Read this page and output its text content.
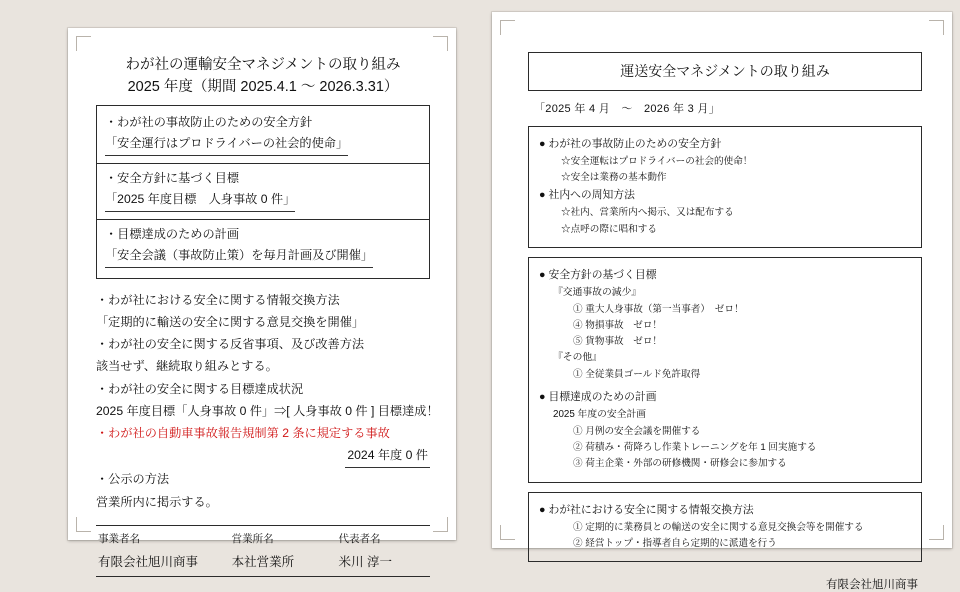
わが社の運輸安全マネジメントの取り組み
2025 年度（期間 2025.4.1 〜 2026.3.31）
・わが社の事故防止のための安全方針
「安全運行はプロドライバーの社会的使命」
・安全方針に基づく目標
「2025 年度目標　人身事故 0 件」
・目標達成のための計画
「安全会議（事故防止策）を毎月計画及び開催」
・わが社における安全に関する情報交換方法
「定期的に輸送の安全に関する意見交換を開催」
・わが社の安全に関する反省事項、及び改善方法
該当せず、継続取り組みとする。
・わが社の安全に関する目標達成状況
2025 年度目標「人身事故 0 件」⇒[ 人身事故 0 件 ] 目標達成！
・わが社の自動車事故報告規制第 2 条に規定する事故
2024 年度 0 件
・公示の方法
営業所内に掲示する。
事業者名	営業所名	代表者名
有限会社旭川商事	本社営業所	米川 淳一
運送安全マネジメントの取り組み
「2025 年 4 月　〜　2026 年 3 月」
● わが社の事故防止のための安全方針
☆安全運転はプロドライバーの社会的使命！
☆安全は業務の基本動作
● 社内への周知方法
☆社内、営業所内へ掲示、又は配布する
☆点呼の際に唱和する
● 安全方針の基づく目標
『交通事故の減少』
① 重大人身事故（第一当事者）　ゼロ！
④ 物損事故　ゼロ！
⑤ 貨物事故　ゼロ！
『その他』
① 全従業員ゴールド免許取得
● 目標達成のための計画
2025 年度の安全計画
① 月例の安全会議を開催する
② 荷積み・荷降ろし作業トレーニングを年 1 回実施する
③ 荷主企業・外部の研修機関・研修会に参加する
● わが社における安全に関する情報交換方法
① 定期的に業務員との輸送の安全に関する意見交換会等を開催する
② 経営トップ・指導者自ら定期的に派遣を行う
有限会社旭川商事
